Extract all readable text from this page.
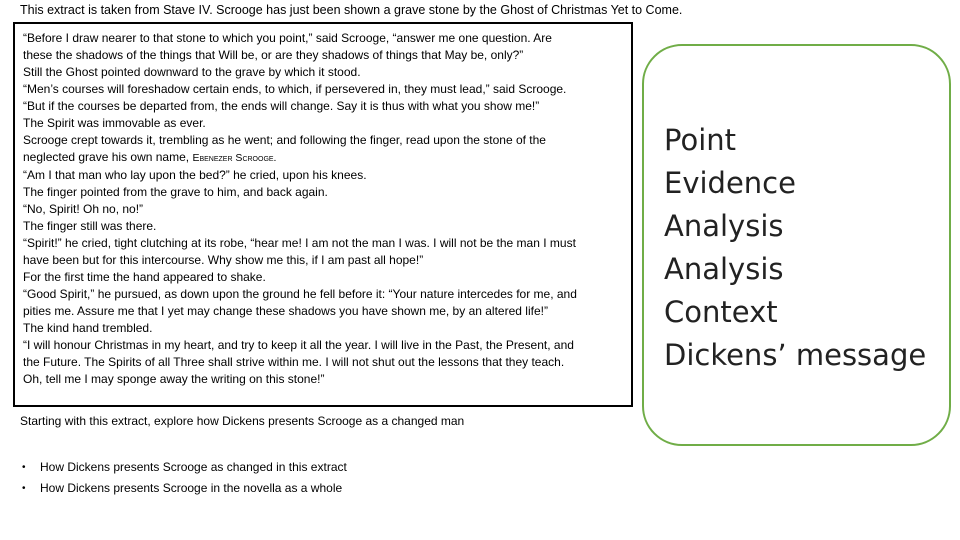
This extract is taken from Stave IV. Scrooge has just been shown a grave stone by the Ghost of Christmas Yet to Come.
“Before I draw nearer to that stone to which you point,” said Scrooge, “answer me one question. Are
these the shadows of the things that Will be, or are they shadows of things that May be, only?”
Still the Ghost pointed downward to the grave by which it stood.
“Men’s courses will foreshadow certain ends, to which, if persevered in, they must lead,” said Scrooge.
“But if the courses be departed from, the ends will change. Say it is thus with what you show me!”
The Spirit was immovable as ever.
Scrooge crept towards it, trembling as he went; and following the finger, read upon the stone of the
neglected grave his own name, Ebenezer Scrooge.
“Am I that man who lay upon the bed?” he cried, upon his knees.
The finger pointed from the grave to him, and back again.
“No, Spirit! Oh no, no!”
The finger still was there.
“Spirit!” he cried, tight clutching at its robe, “hear me! I am not the man I was. I will not be the man I must
have been but for this intercourse. Why show me this, if I am past all hope!”
For the first time the hand appeared to shake.
“Good Spirit,” he pursued, as down upon the ground he fell before it: “Your nature intercedes for me, and
pities me. Assure me that I yet may change these shadows you have shown me, by an altered life!”
The kind hand trembled.
“I will honour Christmas in my heart, and try to keep it all the year. I will live in the Past, the Present, and
the Future. The Spirits of all Three shall strive within me. I will not shut out the lessons that they teach.
Oh, tell me I may sponge away the writing on this stone!”
Starting with this extract, explore how Dickens presents Scrooge as a changed man
• How Dickens presents Scrooge as changed in this extract
• How Dickens presents Scrooge in the novella as a whole
Point
Evidence
Analysis
Analysis
Context
Dickens’ message
